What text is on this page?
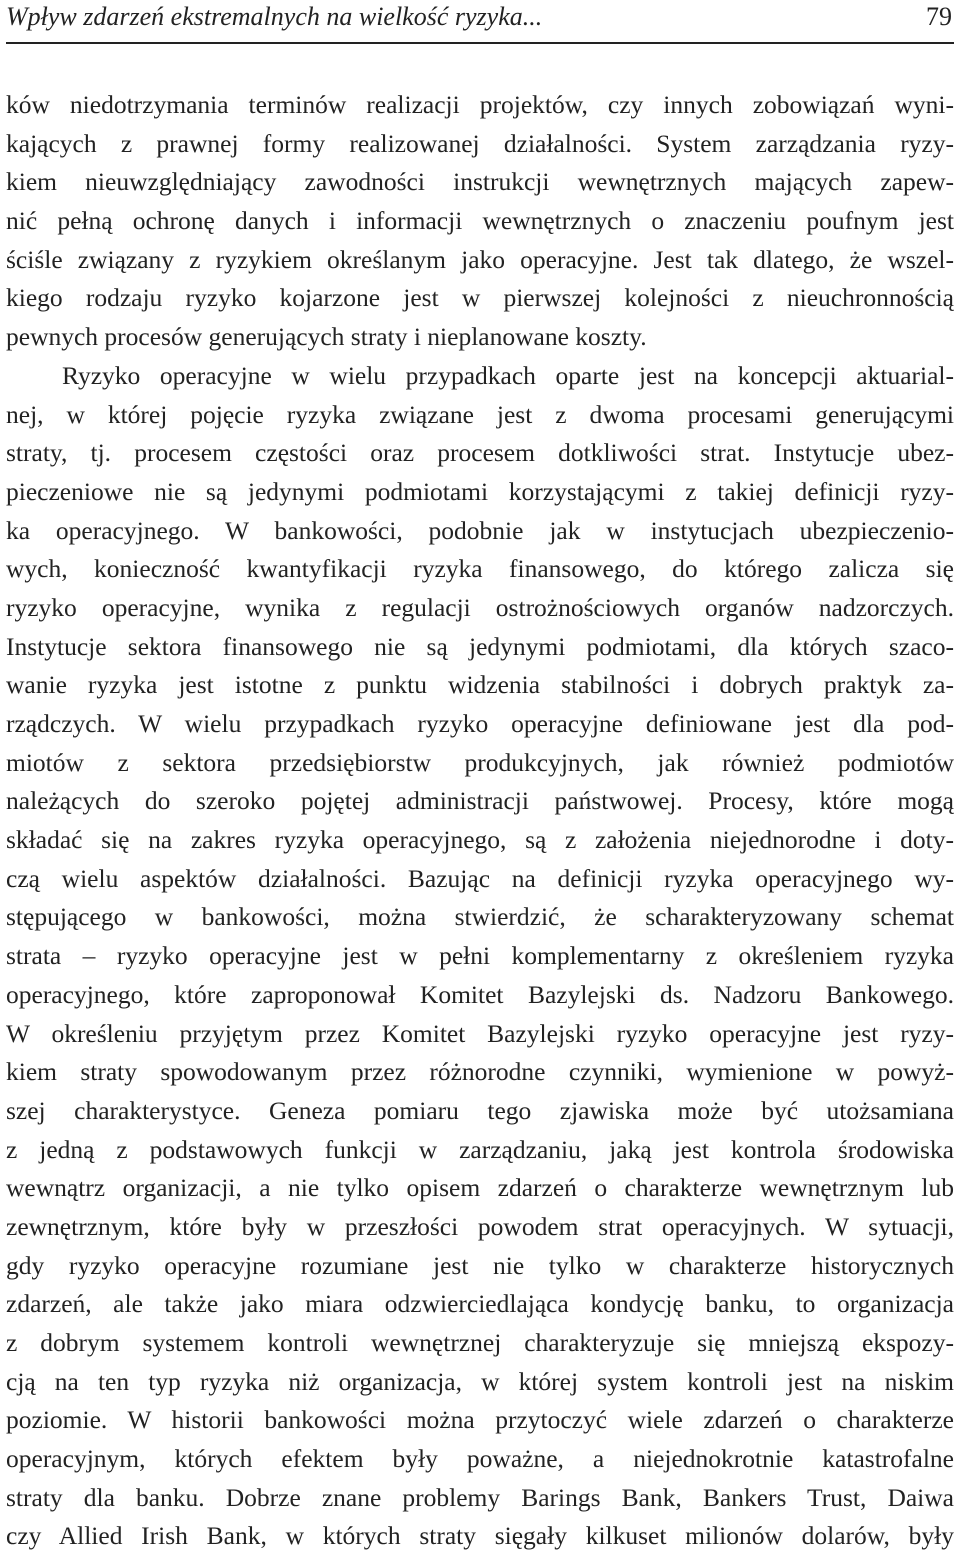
Wpływ zdarzeń ekstremalnych na wielkość ryzyka...	79
ków niedotrzymania terminów realizacji projektów, czy innych zobowiązań wyni-
kających z prawnej formy realizowanej działalności. System zarządzania ryzy-
kiem nieuwzględniający zawodności instrukcji wewnętrznych mających zapew-
nić pełną ochronę danych i informacji wewnętrznych o znaczeniu poufnym jest
ściśle związany z ryzykiem określanym jako operacyjne. Jest tak dlatego, że wszel-
kiego rodzaju ryzyko kojarzone jest w pierwszej kolejności z nieuchronnością
pewnych procesów generujących straty i nieplanowane koszty.
Ryzyko operacyjne w wielu przypadkach oparte jest na koncepcji aktuarial-
nej, w której pojęcie ryzyka związane jest z dwoma procesami generującymi
straty, tj. procesem częstości oraz procesem dotkliwości strat. Instytucje ubez-
pieczeniowe nie są jedynymi podmiotami korzystającymi z takiej definicji ryzy-
ka operacyjnego. W bankowości, podobnie jak w instytucjach ubezpieczenio-
wych, konieczność kwantyfikacji ryzyka finansowego, do którego zalicza się
ryzyko operacyjne, wynika z regulacji ostrożnościowych organów nadzorczych.
Instytucje sektora finansowego nie są jedynymi podmiotami, dla których szaco-
wanie ryzyka jest istotne z punktu widzenia stabilności i dobrych praktyk za-
rządczych. W wielu przypadkach ryzyko operacyjne definiowane jest dla pod-
miotów z sektora przedsiębiorstw produkcyjnych, jak również podmiotów
należących do szeroko pojętej administracji państwowej. Procesy, które mogą
składać się na zakres ryzyka operacyjnego, są z założenia niejednorodne i doty-
czą wielu aspektów działalności. Bazując na definicji ryzyka operacyjnego wy-
stępującego w bankowości, można stwierdzić, że scharakteryzowany schemat
strata – ryzyko operacyjne jest w pełni komplementarny z określeniem ryzyka
operacyjnego, które zaproponował Komitet Bazylejski ds. Nadzoru Bankowego.
W określeniu przyjętym przez Komitet Bazylejski ryzyko operacyjne jest ryzy-
kiem straty spowodowanym przez różnorodne czynniki, wymienione w powyż-
szej charakterystyce. Geneza pomiaru tego zjawiska może być utożsamiana
z jedną z podstawowych funkcji w zarządzaniu, jaką jest kontrola środowiska
wewnątrz organizacji, a nie tylko opisem zdarzeń o charakterze wewnętrznym lub
zewnętrznym, które były w przeszłości powodem strat operacyjnych. W sytuacji,
gdy ryzyko operacyjne rozumiane jest nie tylko w charakterze historycznych
zdarzeń, ale także jako miara odzwierciedlająca kondycję banku, to organizacja
z dobrym systemem kontroli wewnętrznej charakteryzuje się mniejszą ekspozy-
cją na ten typ ryzyka niż organizacja, w której system kontroli jest na niskim
poziomie. W historii bankowości można przytoczyć wiele zdarzeń o charakterze
operacyjnym, których efektem były poważne, a niejednokrotnie katastrofalne
straty dla banku. Dobrze znane problemy Barings Bank, Bankers Trust, Daiwa
czy Allied Irish Bank, w których straty sięgały kilkuset milionów dolarów, były
